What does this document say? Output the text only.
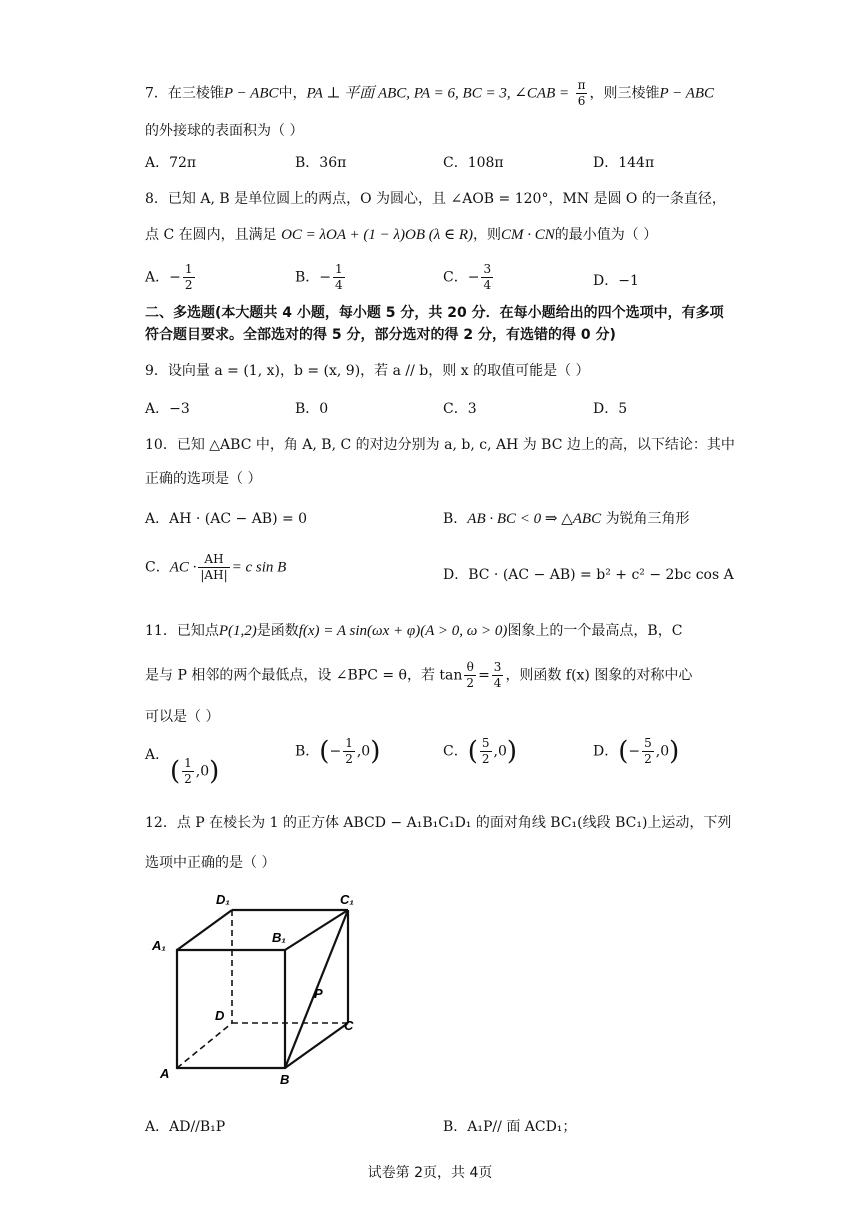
7．在三棱锥P − ABC中，PA ⊥ 平面 ABC, PA = 6, BC = 3, ∠CAB = $\frac{\pi}{6}$ ，则三棱锥P − ABC
的外接球的表面积为（ ）
A．72π	B．36π	C．108π	D．144π
8．已知 A, B 是单位圆上的两点，O 为圆心，且 ∠AOB = 120°，MN 是圆 O 的一条直径，
点 C 在圆内，且满足 OC = λOA + (1 − λ)OB (λ ∈ R)，则CM · CN的最小值为（ ）
A．− $\frac{1}{2}$	B．− $\frac{1}{4}$	C．− $\frac{3}{4}$	D．−1
二、多选题(本大题共 4 小题，每小题 5 分，共 20 分．在每小题给出的四个选项中，有多项符合题目要求。全部选对的得 5 分，部分选对的得 2 分，有选错的得 0 分)
9．设向量 a = (1, x)，b = (x, 9)，若 a // b，则 x 的取值可能是（ ）
A．−3	B．0	C．3	D．5
10．已知 △ABC 中，角 A, B, C 的对边分别为 a, b, c, AH 为 BC 边上的高，以下结论：其中
正确的选项是（ ）
A．AH · (AC − AB) = 0	B．AB · BC < 0 ⇒ △ABC 为锐角三角形
C．AC · $\frac{AH}{|AH|} = c$ sin B	D．BC · (AC − AB) = b² + c² − 2bc cos A
11．已知点P(1,2)是函数f(x) = A sin(ωx + φ)(A > 0, ω > 0)图象上的一个最高点，B，C
是与 P 相邻的两个最低点，设 ∠BPC = θ，若 $\tan \frac{\theta}{2} = \frac{3}{4}$ ，则函数 f(x) 图象的对称中心
可以是（ ）
A．
( $\frac{1}{2} ,0$)
B．(− $\frac{1}{2} ,0$)	C．( $\frac{5}{2} ,0$)	D．(− $\frac{5}{2} ,0$)
12．点 P 在棱长为 1 的正方体 ABCD − A₁B₁C₁D₁ 的面对角线 BC₁(线段 BC₁)上运动，下列
选项中正确的是（ ）
D₁	C₁
A₁
B₁
P
D
C
A	B
A．AD//B₁P	B．A₁P// 面 ACD₁；
试卷第 2页，共 4页
